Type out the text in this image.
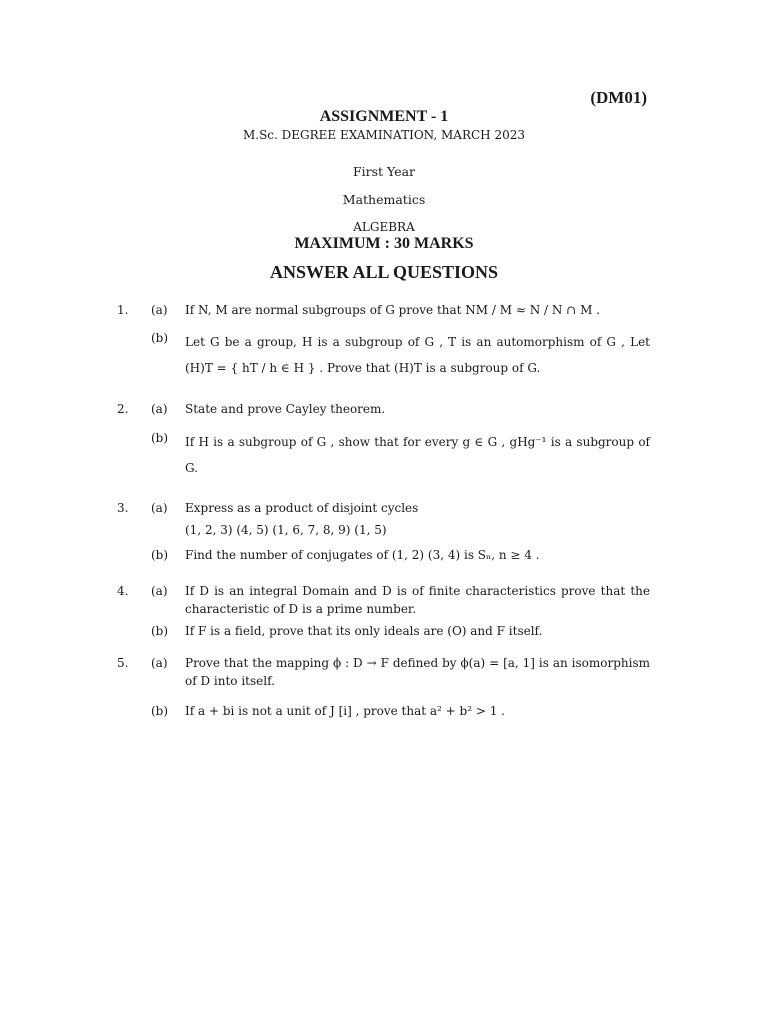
(DM01)
ASSIGNMENT - 1
M.Sc. DEGREE EXAMINATION, MARCH 2023
First Year
Mathematics
ALGEBRA
MAXIMUM : 30 MARKS
ANSWER ALL QUESTIONS
1. (a) If N, M are normal subgroups of G prove that NM / M ≈ N / N ∩ M .
(b) Let G be a group, H is a subgroup of G , T is an automorphism of G , Let (H)T = { hT / h ∈ H } . Prove that (H)T is a subgroup of G.
2. (a) State and prove Cayley theorem.
(b) If H is a subgroup of G , show that for every g ∈ G , gHg⁻¹ is a subgroup of G.
3. (a) Express as a product of disjoint cycles
(1, 2, 3) (4, 5) (1, 6, 7, 8, 9) (1, 5)
(b) Find the number of conjugates of (1, 2) (3, 4) is Sₙ, n ≥ 4 .
4. (a) If D is an integral Domain and D is of finite characteristics prove that the characteristic of D is a prime number.
(b) If F is a field, prove that its only ideals are (O) and F itself.
5. (a) Prove that the mapping ϕ : D → F defined by ϕ(a) = [a, 1] is an isomorphism of D into itself.
(b) If a + bi is not a unit of J [i] , prove that a² + b² > 1 .
